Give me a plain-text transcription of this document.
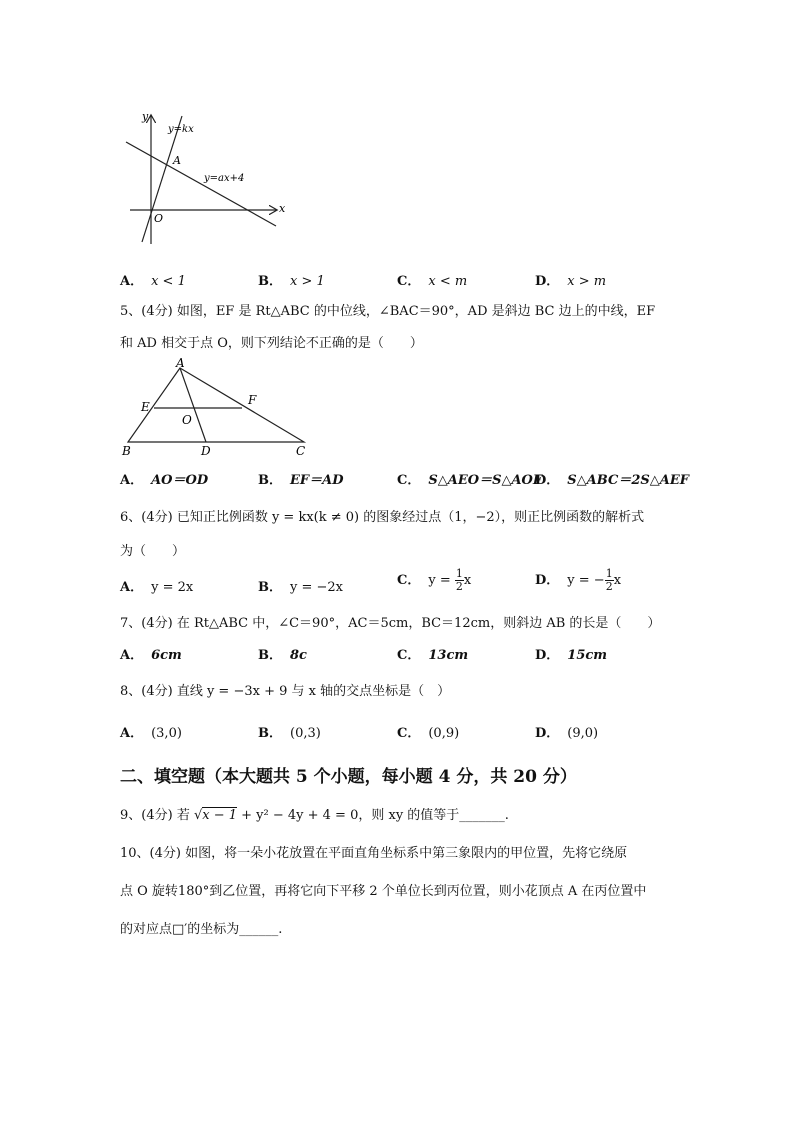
y
x
O
y=kx
y=ax+4
A
A． x < 1	B． x > 1	C． x < m	D． x > m
5、(4分) 如图，EF 是 Rt△ABC 的中位线，∠BAC＝90°，AD 是斜边 BC 边上的中线，EF
和 AD 相交于点 O，则下列结论不正确的是（　　）
A
B	C
D
E	F
O
A． AO＝OD	B． EF＝AD	C． S△AEO＝S△AOF
D． S△ABC＝2S△AEF
6、(4分) 已知正比例函数 y = kx(k ≠ 0) 的图象经过点（1，−2），则正比例函数的解析式
为（　　）
A． y = 2x	B． y = −2x	C． $y = \frac{1}{2}$ x	D． y = − $\frac{1}{2}$ x
7、(4分) 在 Rt△ABC 中，∠C＝90°，AC＝5cm，BC＝12cm，则斜边 AB 的长是（　　）
A． 6cm	B． 8c	C． 13cm	D． 15cm
8、(4分) 直线 y = −3x + 9 与 x 轴的交点坐标是（　）
A． (3,0)	B． (0,3)	C． (0,9)	D． (9,0)
二、填空题（本大题共 5 个小题，每小题 4 分，共 20 分）
9、(4分) 若 √x − 1 + y² − 4y + 4 = 0，则 xy 的值等于_______.
10、(4分) 如图，将一朵小花放置在平面直角坐标系中第三象限内的甲位置，先将它绕原
点 O 旋转180°到乙位置，再将它向下平移 2 个单位长到丙位置，则小花顶点 A 在丙位置中
的对应点□′的坐标为______.
